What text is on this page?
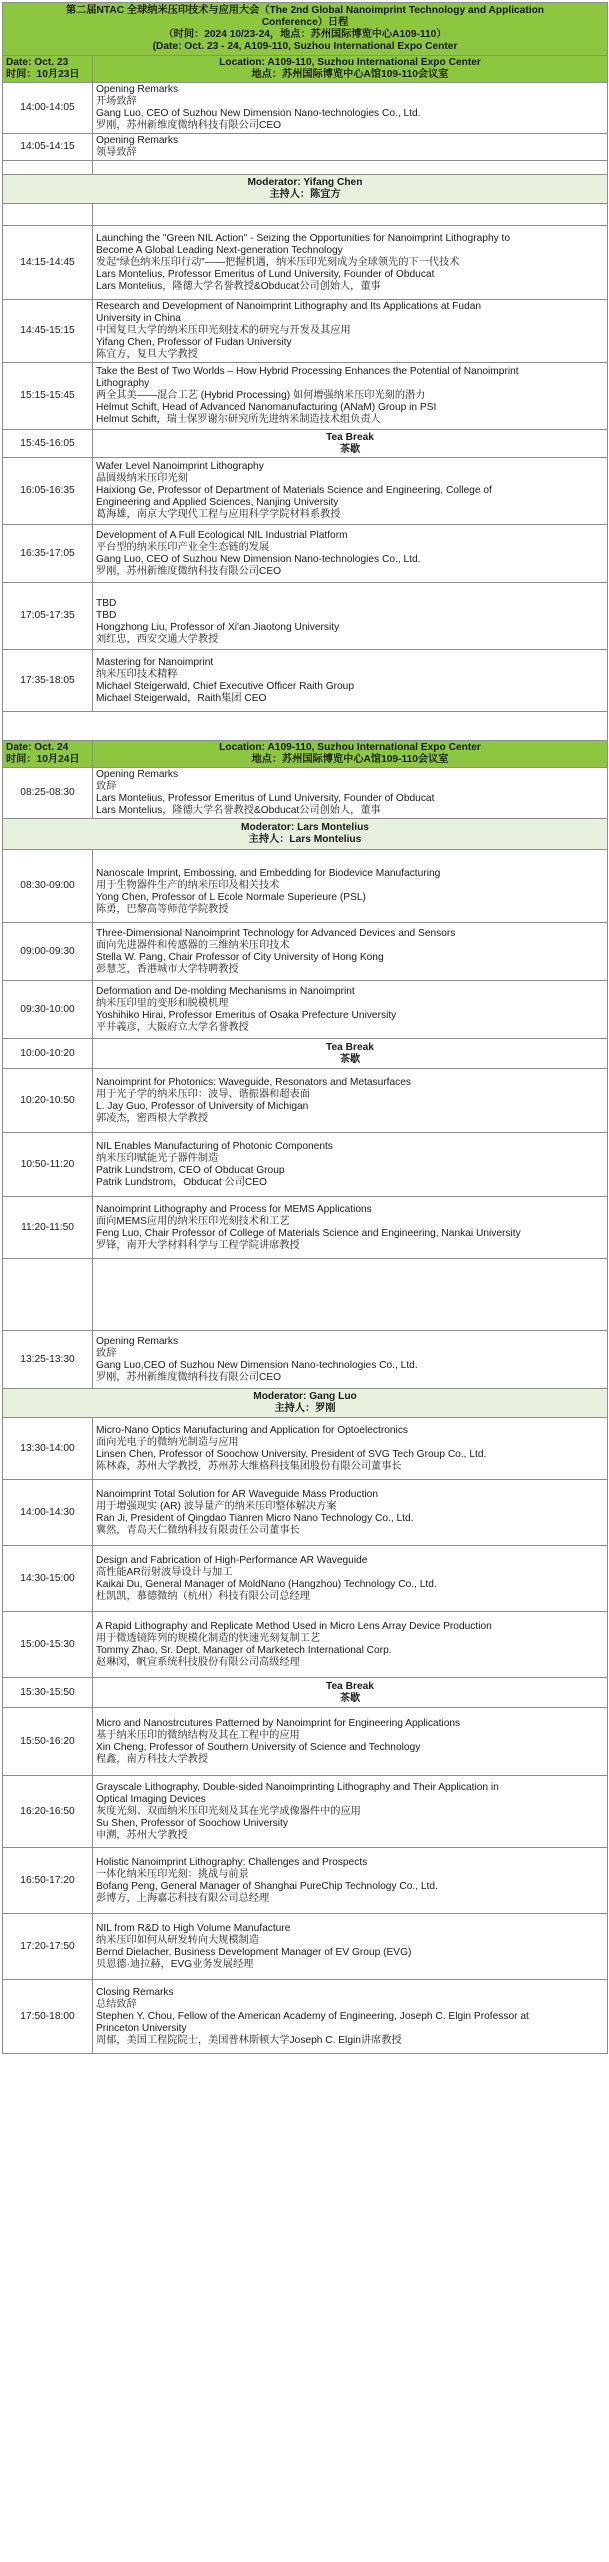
第二届NTAC 全球纳米压印技术与应用大会（The 2nd Global Nanoimprint Technology and Application
Conference）日程
（时间：2024 10/23-24，地点：苏州国际博览中心A109-110）
(Date: Oct. 23 - 24, A109-110, Suzhou International Expo Center	

Date: Oct. 23
时间：10月23日	Location: A109-110, Suzhou International Expo Center
地点：苏州国际博览中心A馆109-110会议室

14:00-14:05	Opening Remarks
开场致辞
Gang Luo, CEO of Suzhou New Dimension Nano-technologies Co., Ltd.
罗刚，苏州新维度微纳科技有限公司CEO

14:05-14:15	Opening Remarks
领导致辞

Moderator: Yifang Chen
主持人：陈宜方	

14:15-14:45	Launching the "Green NIL Action" - Seizing the Opportunities for Nanoimprint Lithography to
Become A Global Leading Next-generation Technology
发起“绿色纳米压印行动”——把握机遇，纳米压印光刻成为全球领先的下一代技术
Lars Montelius, Professor Emeritus of Lund University, Founder of Obducat
Lars Montelius，隆德大学名誉教授&Obducat公司创始人，董事

14:45-15:15	Research and Development of Nanoimprint Lithography and Its Applications at Fudan
University in China
中国复旦大学的纳米压印光刻技术的研究与开发及其应用
Yifang Chen, Professor of Fudan University
陈宜方，复旦大学教授

15:15-15:45	Take the Best of Two Worlds – How Hybrid Processing Enhances the Potential of Nanoimprint
Lithography
两全其美——混合工艺 (Hybrid Processing) 如何增强纳米压印光刻的潜力
Helmut Schift, Head of Advanced Nanomanufacturing (ANaM) Group in PSI
Helmut Schift，瑞士保罗谢尔研究所先进纳米制造技术组负责人

15:45-16:05	Tea Break
茶歇

16:05-16:35	Wafer Level Nanoimprint Lithography
晶圆级纳米压印光刻
Haixiong Ge, Professor of Department of Materials Science and Engineering, College of
Engineering and Applied Sciences, Nanjing University
葛海雄，南京大学现代工程与应用科学学院材料系教授

16:35-17:05	Development of A Full Ecological NIL Industrial Platform
平台型的纳米压印产业全生态链的发展
Gang Luo, CEO of Suzhou New Dimension Nano-technologies Co., Ltd.
罗刚，苏州新维度微纳科技有限公司CEO

17:05-17:35	TBD
TBD
Hongzhong Liu, Professor of Xi'an Jiaotong University
刘红忠，西安交通大学教授

17:35-18:05	Mastering for Nanoimprint
纳米压印技术精粹
Michael Steigerwald, Chief Executive Officer Raith Group
Michael Steigerwald，Raith集团 CEO

Date: Oct. 24
时间：10月24日	Location: A109-110, Suzhou International Expo Center
地点：苏州国际博览中心A馆109-110会议室

08:25-08:30	Opening Remarks
致辞
Lars Montelius, Professor Emeritus of Lund University, Founder of Obducat
Lars Montelius，隆德大学名誉教授&Obducat公司创始人，董事

Moderator: Lars Montelius
主持人：Lars Montelius	

08:30-09:00	Nanoscale Imprint, Embossing, and Embedding for Biodevice Manufacturing
用于生物器件生产的纳米压印及相关技术
Yong Chen, Professor of L Ecole Normale Superieure (PSL)
陈勇，巴黎高等师范学院教授

09:00-09:30	Three-Dimensional Nanoimprint Technology for Advanced Devices and Sensors
面向先进器件和传感器的三维纳米压印技术
Stella W. Pang, Chair Professor of City University of Hong Kong
彭慧芝，香港城市大学特聘教授

09:30-10:00	Deformation and De-molding Mechanisms in Nanoimprint
纳米压印里的变形和脱模机理
Yoshihiko Hirai, Professor Emeritus of Osaka Prefecture University
平井義彦，大阪府立大学名誉教授

10:00-10:20	Tea Break
茶歇

10:20-10:50	Nanoimprint for Photonics: Waveguide, Resonators and Metasurfaces
用于光子学的纳米压印：波导、谐振器和超表面
L. Jay Guo, Professor of University of Michigan
郭凌杰，密西根大学教授

10:50-11:20	NIL Enables Manufacturing of Photonic Components
纳米压印赋能光子器件制造
Patrik Lundstrom, CEO of Obducat Group
Patrik Lundstrom，Obducat 公司CEO

11:20-11:50	Nanoimprint Lithography and Process for MEMS Applications
面向MEMS应用的纳米压印光刻技术和工艺
Feng Luo, Chair Professor of College of Materials Science and Engineering, Nankai University
罗锋，南开大学材料科学与工程学院讲席教授

13:25-13:30	Opening Remarks
致辞
Gang Luo,CEO of Suzhou New Dimension Nano-technologies Co., Ltd.
罗刚，苏州新维度微纳科技有限公司CEO

Moderator: Gang Luo
主持人：罗刚	

13:30-14:00	Micro-Nano Optics Manufacturing and Application for Optoelectronics
面向光电子的微纳光制造与应用
Linsen Chen, Professor of Soochow University, President of SVG Tech Group Co., Ltd.
陈林森，苏州大学教授，苏州苏大维格科技集团股份有限公司董事长

14:00-14:30	Nanoimprint Total Solution for AR Waveguide Mass Production
用于增强现实 (AR) 波导量产的纳米压印整体解决方案
Ran Ji, President of Qingdao Tianren Micro Nano Technology Co., Ltd.
冀然，青岛天仁微纳科技有限责任公司董事长

14:30-15:00	Design and Fabrication of High-Performance AR Waveguide
高性能AR衍射波导设计与加工
Kaikai Du, General Manager of MoldNano (Hangzhou) Technology Co., Ltd.
杜凯凯，慕德微纳（杭州）科技有限公司总经理

15:00-15:30	A Rapid Lithography and Replicate Method Used in Micro Lens Array Device Production
用于微透镜阵列的规模化制造的快速光刻复制工艺
Tommy Zhao, Sr. Dept. Manager of Marketech International Corp.
赵琳闵，帆宣系统科技股份有限公司高级经理

15:30-15:50	Tea Break
茶歇

15:50-16:20	Micro and Nanostrcutures Patterned by Nanoimprint for Engineering Applications
基于纳米压印的微纳结构及其在工程中的应用
Xin Cheng, Professor of Southern University of Science and Technology
程鑫，南方科技大学教授

16:20-16:50	Grayscale Lithography, Double-sided Nanoimprinting Lithography and Their Application in
Optical Imaging Devices
灰度光刻、双面纳米压印光刻及其在光学成像器件中的应用
Su Shen, Professor of Soochow University
申溯，苏州大学教授

16:50-17:20	Holistic Nanoimprint Lithography: Challenges and Prospects
一体化纳米压印光刻：挑战与前景
Bofang Peng, General Manager of Shanghai PureChip Technology Co., Ltd.
彭博方，上海嘉芯科技有限公司总经理

17:20-17:50	NIL from R&D to High Volume Manufacture
纳米压印如何从研发转向大规模制造
Bernd Dielacher, Business Development Manager of EV Group (EVG)
贝恩德·迪拉赫，EVG业务发展经理

17:50-18:00	Closing Remarks
总结致辞
Stephen Y. Chou, Fellow of the American Academy of Engineering, Joseph C. Elgin Professor at
Princeton University
周郁，美国工程院院士，美国普林斯顿大学Joseph C. Elgin讲席教授
